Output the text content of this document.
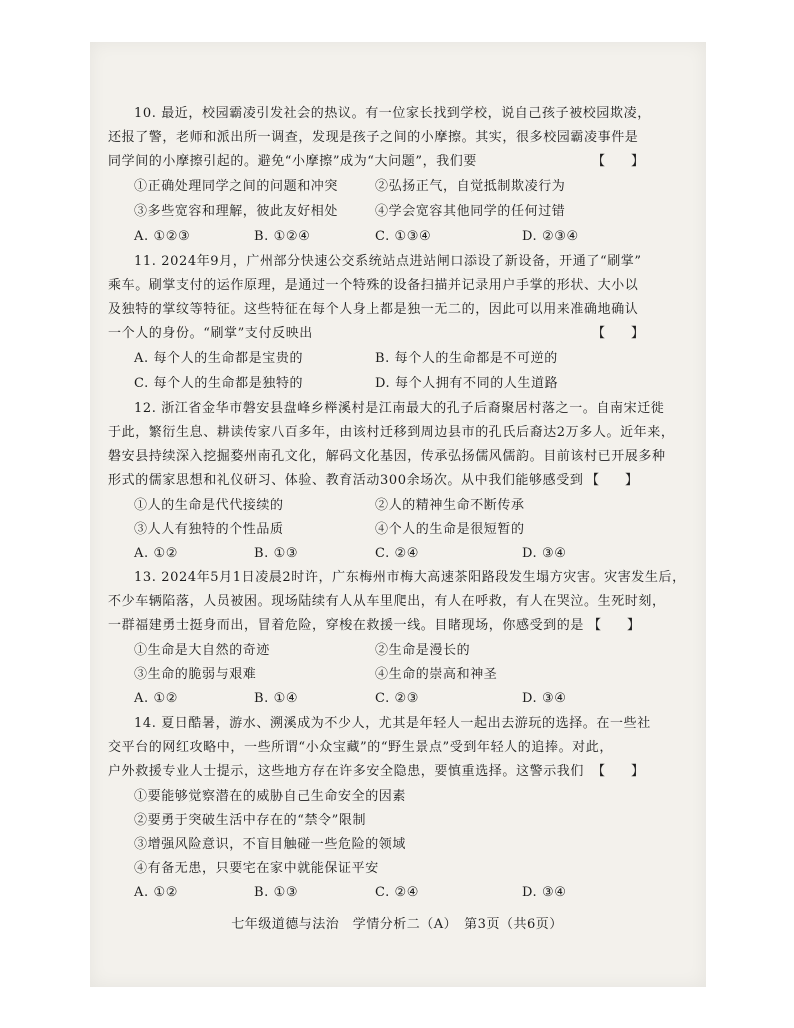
10. 最近，校园霸凌引发社会的热议。有一位家长找到学校，说自己孩子被校园欺凌，
还报了警，老师和派出所一调查，发现是孩子之间的小摩擦。其实，很多校园霸凌事件是
同学间的小摩擦引起的。避免“小摩擦”成为“大问题”，我们要	【　　】
①正确处理同学之间的问题和冲突	②弘扬正气，自觉抵制欺凌行为
③多些宽容和理解，彼此友好相处	④学会宽容其他同学的任何过错
A. ①②③	B. ①②④	C. ①③④	D. ②③④
11. 2024年9月，广州部分快速公交系统站点进站闸口添设了新设备，开通了“刷掌”
乘车。刷掌支付的运作原理，是通过一个特殊的设备扫描并记录用户手掌的形状、大小以
及独特的掌纹等特征。这些特征在每个人身上都是独一无二的，因此可以用来准确地确认
一个人的身份。“刷掌”支付反映出	【　　】
A. 每个人的生命都是宝贵的	B. 每个人的生命都是不可逆的
C. 每个人的生命都是独特的	D. 每个人拥有不同的人生道路
12. 浙江省金华市磐安县盘峰乡榉溪村是江南最大的孔子后裔聚居村落之一。自南宋迁徙
于此，繁衍生息、耕读传家八百多年，由该村迁移到周边县市的孔氏后裔达2万多人。近年来，
磐安县持续深入挖掘婺州南孔文化，解码文化基因，传承弘扬儒风儒韵。目前该村已开展多种
形式的儒家思想和礼仪研习、体验、教育活动300余场次。从中我们能够感受到 【　　】
①人的生命是代代接续的	②人的精神生命不断传承
③人人有独特的个性品质	④个人的生命是很短暂的
A. ①②	B. ①③	C. ②④	D. ③④
13. 2024年5月1日凌晨2时许，广东梅州市梅大高速茶阳路段发生塌方灾害。灾害发生后，
不少车辆陷落，人员被困。现场陆续有人从车里爬出，有人在呼救，有人在哭泣。生死时刻，
一群福建勇士挺身而出，冒着危险，穿梭在救援一线。目睹现场，你感受到的是 【　　】
①生命是大自然的奇迹	②生命是漫长的
③生命的脆弱与艰难	④生命的崇高和神圣
A. ①②	B. ①④	C. ②③	D. ③④
14. 夏日酷暑，游水、溯溪成为不少人，尤其是年轻人一起出去游玩的选择。在一些社
交平台的网红攻略中，一些所谓“小众宝藏”的“野生景点”受到年轻人的追捧。对此，
户外救援专业人士提示，这些地方存在许多安全隐患，要慎重选择。这警示我们 【　　】
①要能够觉察潜在的威胁自己生命安全的因素
②要勇于突破生活中存在的“禁令”限制
③增强风险意识，不盲目触碰一些危险的领域
④有备无患，只要宅在家中就能保证平安
A. ①②	B. ①③	C. ②④	D. ③④
七年级道德与法治　学情分析二（A）　第3页（共6页）
